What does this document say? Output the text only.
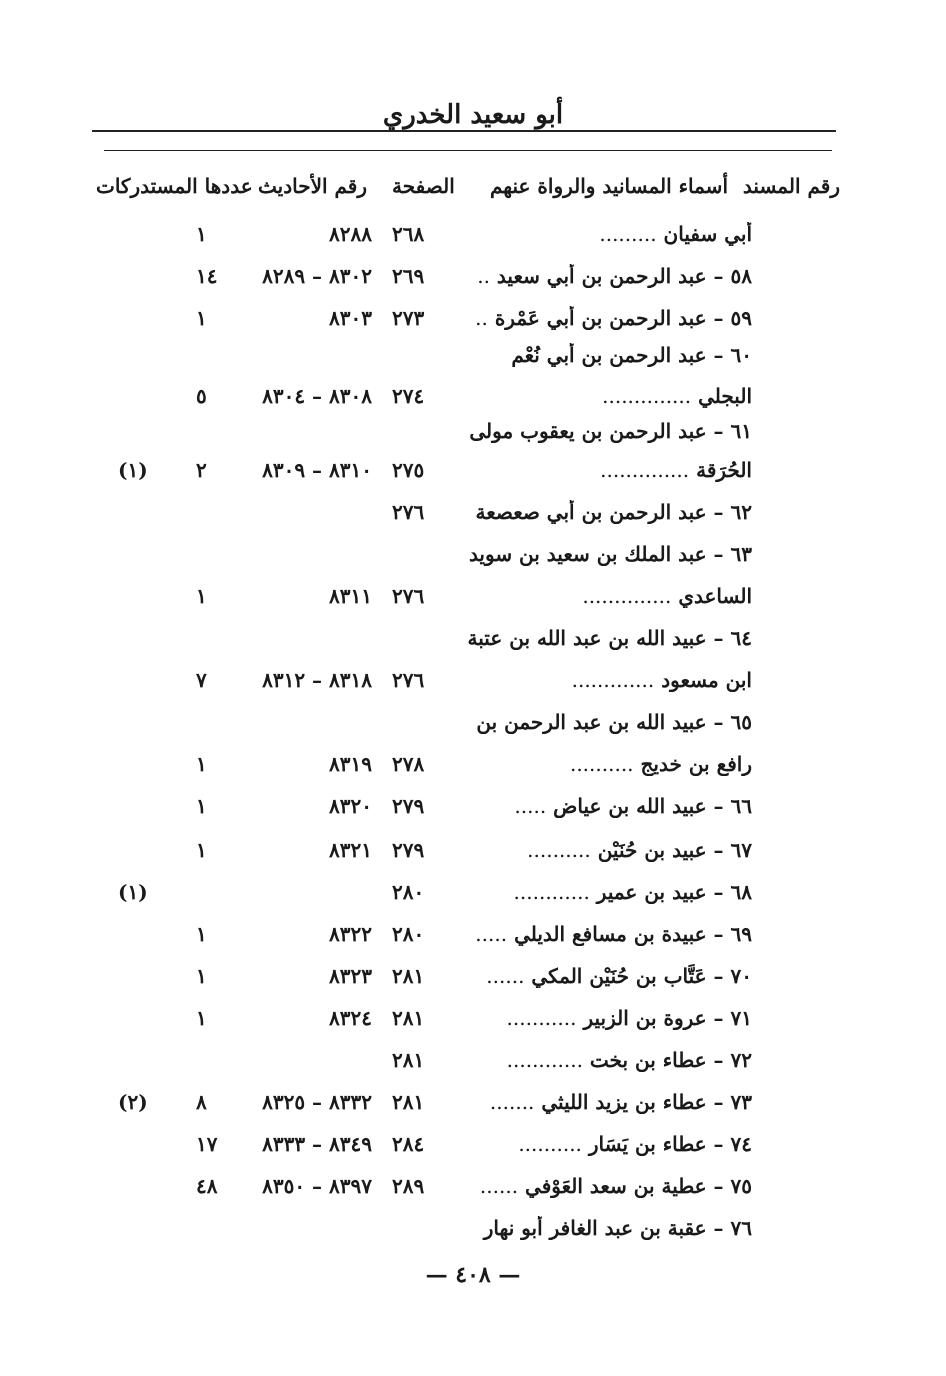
أبو سعيد الخدري
رقم المسند
أسماء المسانيد والرواة عنهم
الصفحة
رقم الأحاديث
عددها المستدركات
أبي سفيان .........
٢٦٨
٨٢٨٨
١
٥٨ – عبد الرحمن بن أبي سعيد ..
٢٦٩
٨٣٠٢ – ٨٢٨٩
١٤
٥٩ – عبد الرحمن بن أبي عَمْرة ..
٢٧٣
٨٣٠٣
١
٦٠ – عبد الرحمن بن أبي نُعْم
البجلي ..............
٢٧٤
٨٣٠٨ – ٨٣٠٤
٥
٦١ – عبد الرحمن بن يعقوب مولى
الحُرَقة ..............
٢٧٥
٨٣١٠ – ٨٣٠٩
٢
(١)
٦٢ – عبد الرحمن بن أبي صعصعة
٢٧٦
٦٣ – عبد الملك بن سعيد بن سويد
الساعدي ..............
٢٧٦
٨٣١١
١
٦٤ – عبيد الله بن عبد الله بن عتبة
ابن مسعود .............
٢٧٦
٨٣١٨ – ٨٣١٢
٧
٦٥ – عبيد الله بن عبد الرحمن بن
رافع بن خديج ..........
٢٧٨
٨٣١٩
١
٦٦ – عبيد الله بن عياض .....
٢٧٩
٨٣٢٠
١
٦٧ – عبيد بن حُنَيْن ..........
٢٧٩
٨٣٢١
١
٦٨ – عبيد بن عمير ............
٢٨٠
(١)
٦٩ – عبيدة بن مسافع الديلي .....
٢٨٠
٨٣٢٢
١
٧٠ – عَتَّاب بن حُنَيْن المكي ......
٢٨١
٨٣٢٣
١
٧١ – عروة بن الزبير ...........
٢٨١
٨٣٢٤
١
٧٢ – عطاء بن بخت ............
٢٨١
٧٣ – عطاء بن يزيد الليثي .......
٢٨١
٨٣٣٢ – ٨٣٢٥
٨
(٢)
٧٤ – عطاء بن يَسَار ..........
٢٨٤
٨٣٤٩ – ٨٣٣٣
١٧
٧٥ – عطية بن سعد العَوْفي ......
٢٨٩
٨٣٩٧ – ٨٣٥٠
٤٨
٧٦ – عقبة بن عبد الغافر أبو نهار
— ٤٠٨ —
